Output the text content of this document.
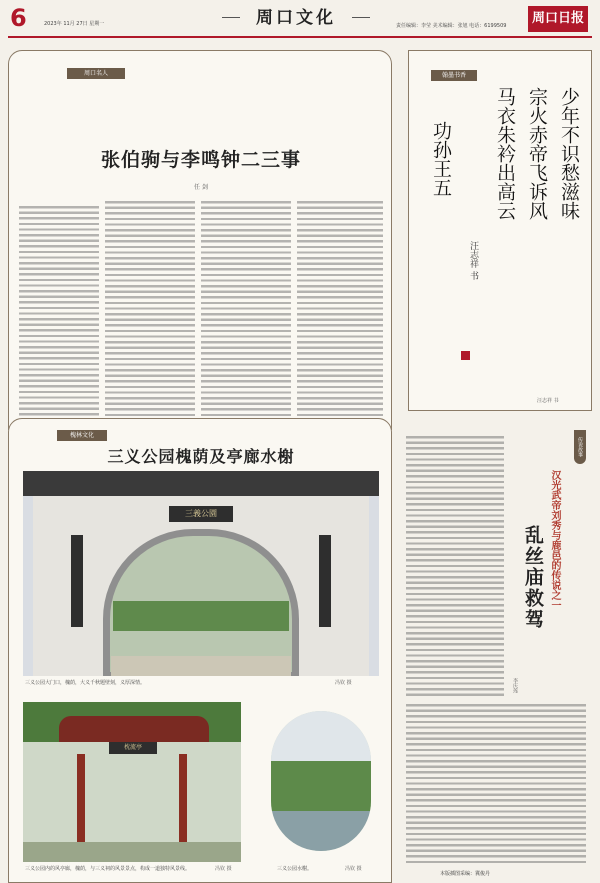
6	2023年 11月 27日 星期一	周口文化	责任编辑：李莹 美术编辑：张旭 电话：6199509	周口日报
周口名人
张伯驹与李鸣钟二三事
任 剑
翰墨书香
少年不识愁滋味
宗火赤帝飞诉风
马衣朱衿出高云
功孙王五
汪志祥 书
汪志祥 书
槐林文化
三义公园槐荫及亭廊水榭
三義公園
三义公园大门口，槐荫，大义千秋题壁刻，义厚深情。	冯钦 摄
枕流亭
三义公园内的风亭廊，槐荫，与三义祠的风景景点，构成一道独特风景线。	冯钦 摄	三义公园水榭。	冯钦 摄
传说故事
汉光武帝刘秀与鹿邑的传说之一
乱丝庙救驾
李庆莲
本版插图采编：冀俊丹
